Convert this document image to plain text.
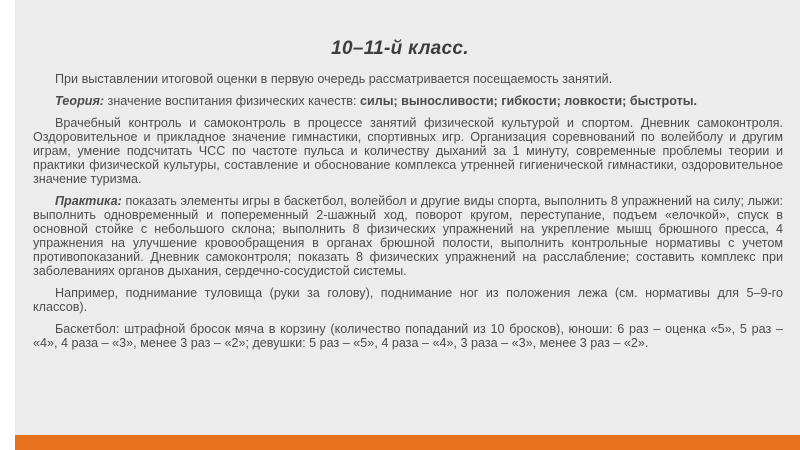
10–11-й класс.

При выставлении итоговой оценки в первую очередь рассматривается посещаемость занятий.

Теория: значение воспитания физических качеств: силы; выносливости; гибкости; ловкости; быстроты.

Врачебный контроль и самоконтроль в процессе занятий физической культурой и спортом. Дневник самоконтроля. Оздоровительное и прикладное значение гимнастики, спортивных игр. Организация соревнований по волейболу и другим играм, умение подсчитать ЧСС по частоте пульса и количеству дыханий за 1 минуту, современные проблемы теории и практики физической культуры, составление и обоснование комплекса утренней гигиенической гимнастики, оздоровительное значение туризма.

Практика: показать элементы игры в баскетбол, волейбол и другие виды спорта, выполнить 8 упражнений на силу; лыжи: выполнить одновременный и попеременный 2-шажный ход, поворот кругом, переступание, подъем «елочкой», спуск в основной стойке с небольшого склона; выполнить 8 физических упражнений на укрепление мышц брюшного пресса, 4 упражнения на улучшение кровообращения в органах брюшной полости, выполнить контрольные нормативы с учетом противопоказаний. Дневник самоконтроля; показать 8 физических упражнений на расслабление; составить комплекс при заболеваниях органов дыхания, сердечно-сосудистой системы.

Например, поднимание туловища (руки за голову), поднимание ног из положения лежа (см. нормативы для 5–9-го классов).

Баскетбол: штрафной бросок мяча в корзину (количество попаданий из 10 бросков), юноши: 6 раз – оценка «5», 5 раз – «4», 4 раза – «3», менее 3 раз – «2»; девушки: 5 раз – «5», 4 раза – «4», 3 раза – «3», менее 3 раз – «2».
